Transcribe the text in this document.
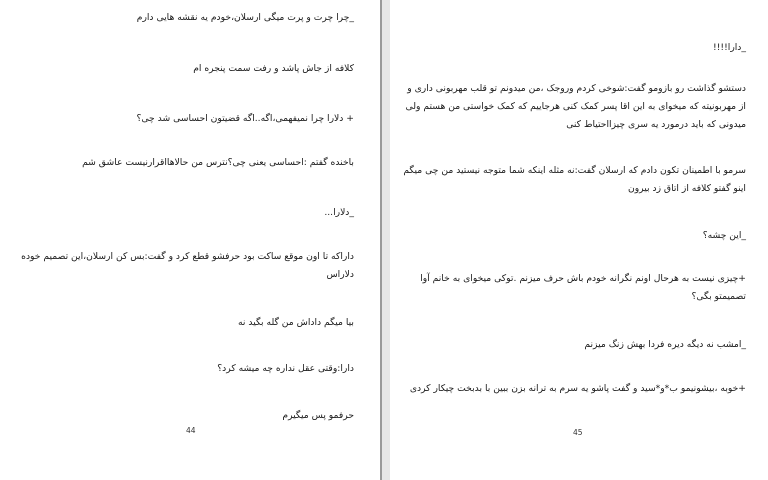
_چرا چرت و پرت میگی ارسلان،خودم یه نقشه هایی دارم
کلافه از جاش پاشد و رفت سمت پنجره ام
+ دلارا چرا نمیفهمی،اگه..اگه قضیتون احساسی شد چی؟
باخنده گفتم :احساسی یعنی چی؟نترس من حالاهااقرارنیست عاشق شم
_دلارا...
داراکه تا اون موقع ساکت بود حرفشو قطع کرد و گفت:بس کن ارسلان،این تصمیم خوده دلاراس
بیا میگم داداش من گله بگید نه
دارا:وقتی عقل نداره چه میشه کرد؟
حرفمو پس میگیرم
44
_دارا!!!!
دستشو گذاشت رو بازومو گفت:شوخی کردم وروجک ،من میدونم تو قلب مهربونی داری و از مهربونیته که میخوای به این اقا پسر کمک کنی هرجاییم که کمک خواستی من هستم ولی میدونی که باید درمورد یه سری چیزااحتیاط کنی
سرمو با اطمینان تکون دادم که ارسلان گفت:نه مثله اینکه شما متوجه نیستید من چی میگم اینو گفتو کلافه از اتاق زد بیرون
_این چشه؟
+چیزی نیست به هرحال اونم نگرانه خودم باش حرف میزنم .توکی میخوای به خانم آوا تصمیمتو بگی؟
_امشب نه دیگه دیره فردا بهش زنگ میزنم
+خوبه ،بیشونیمو ب*و*سید و گفت پاشو یه سرم به ترانه بزن ببین با بدبخت چیکار کردی
45
